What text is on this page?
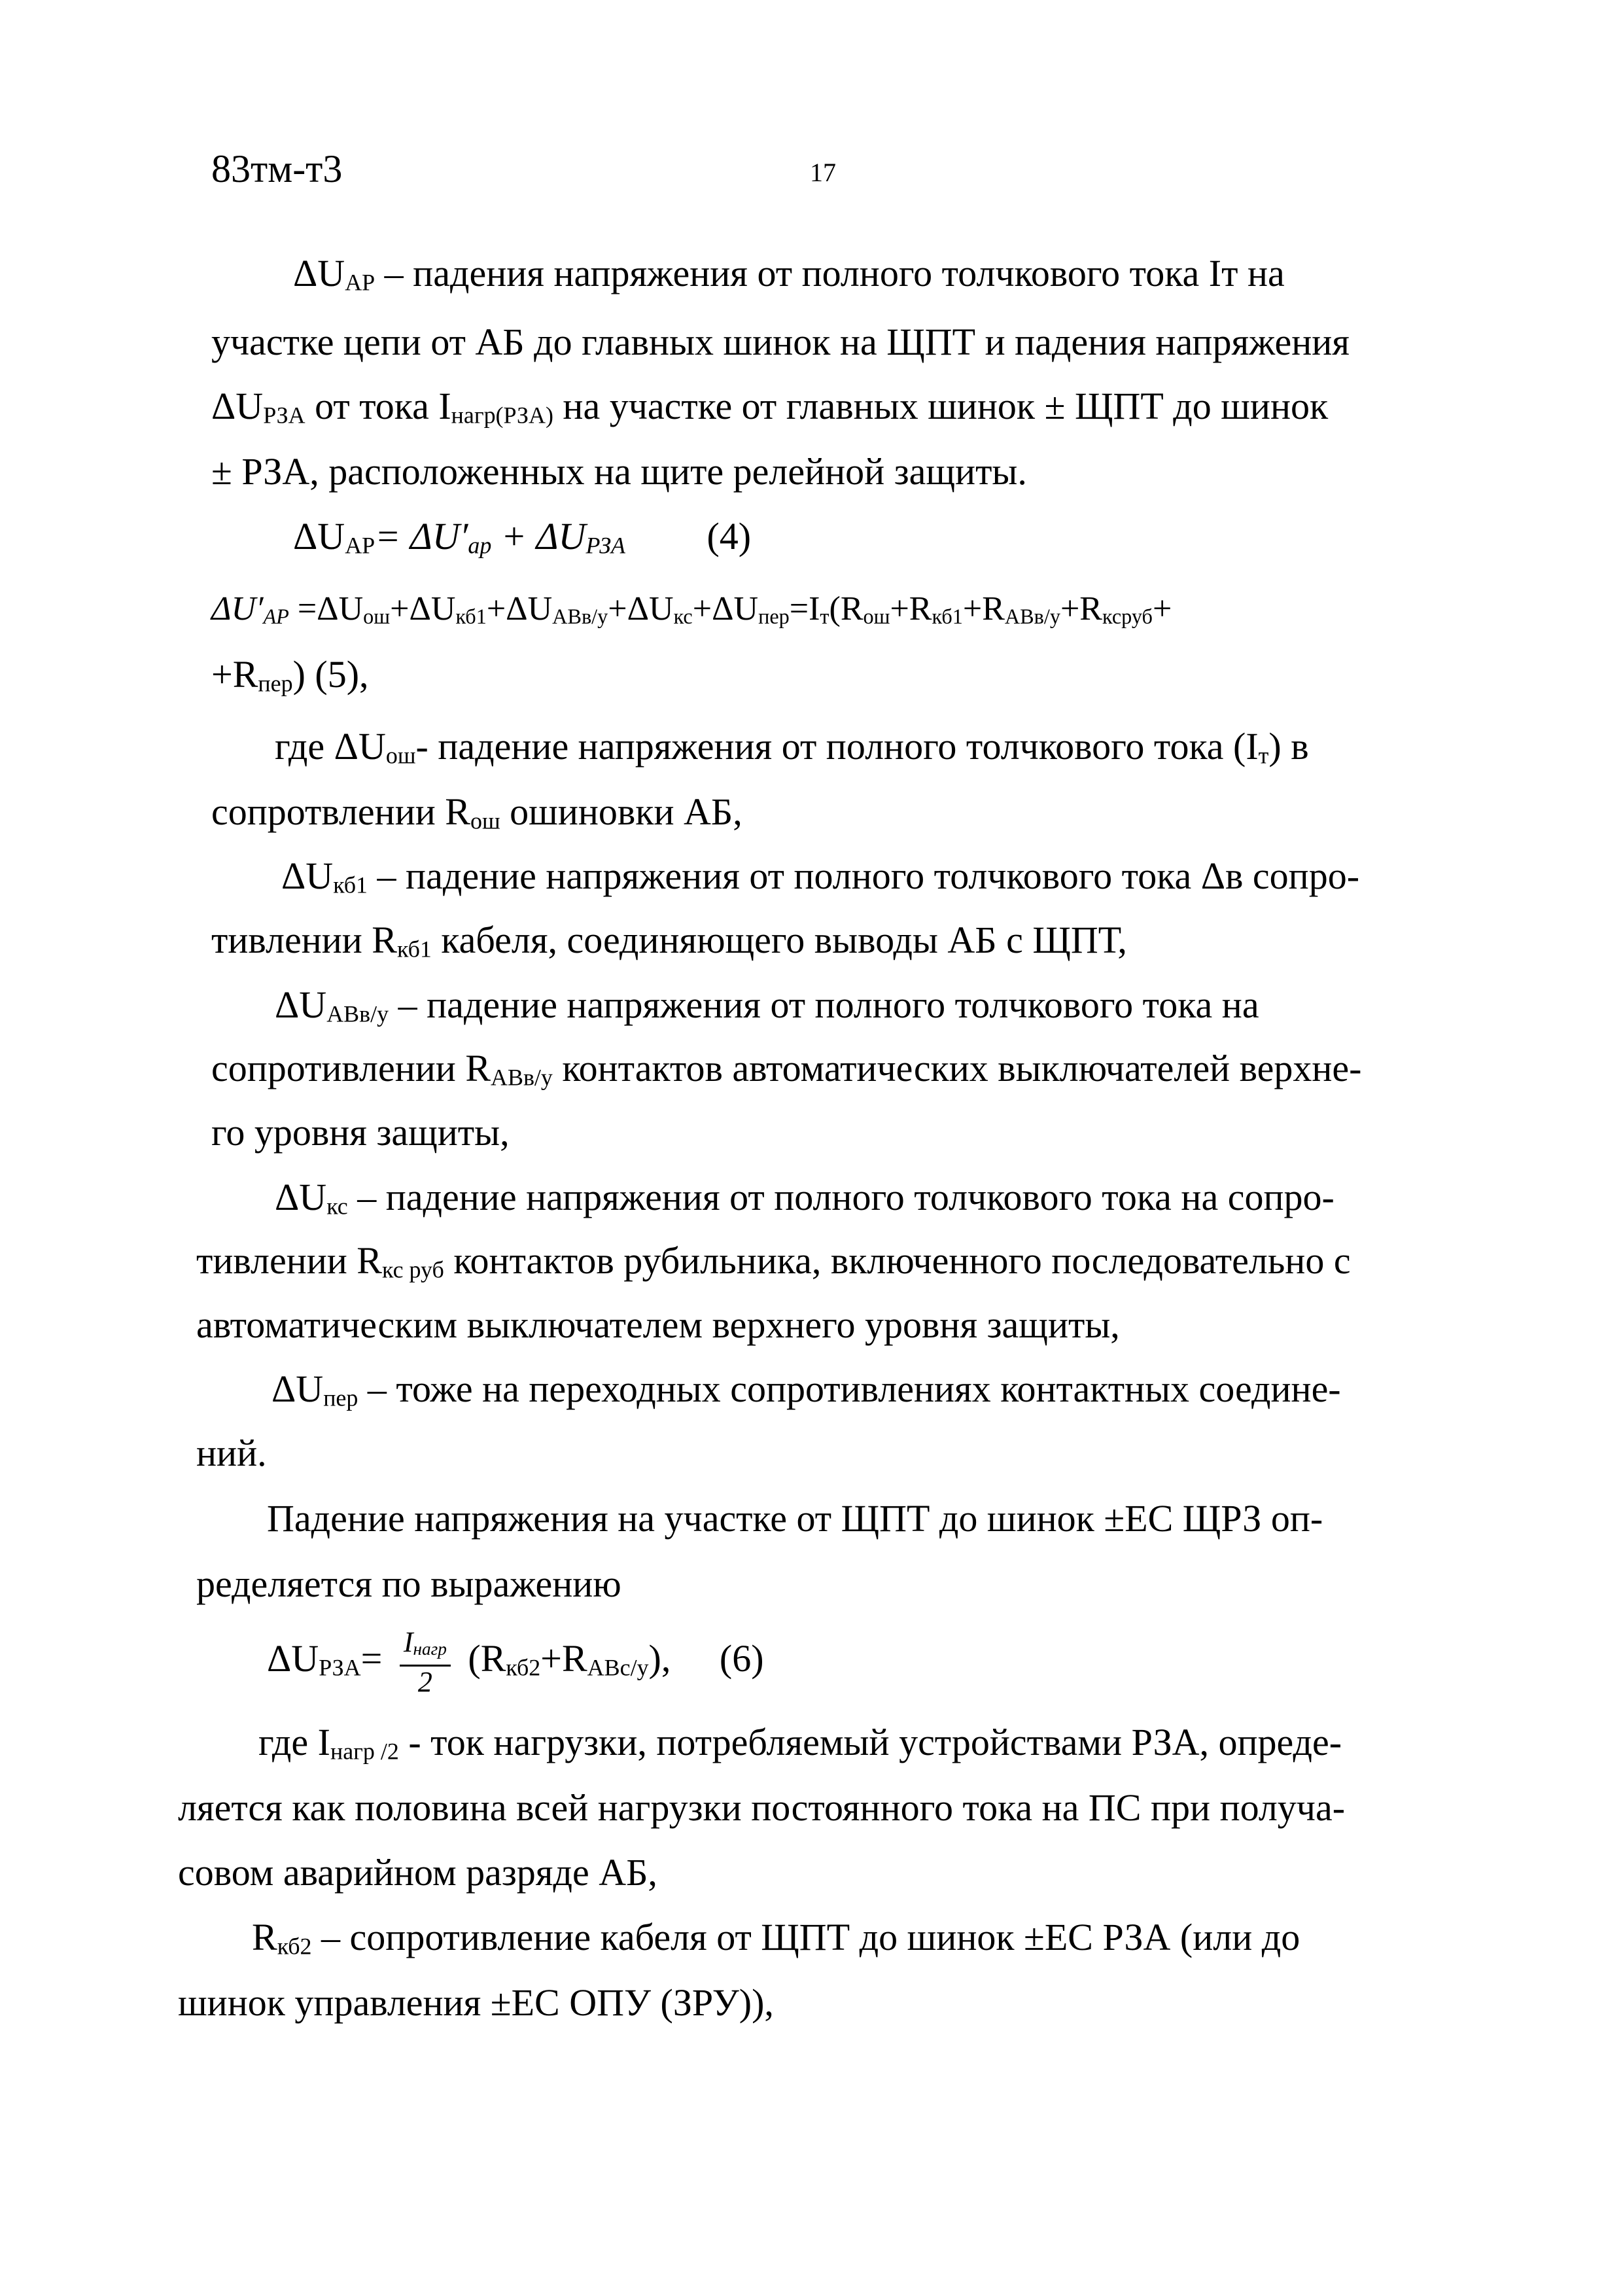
83тм-т3	17
ΔUAP – падения напряжения от полного толчкового тока Iт на
участке цепи от АБ до главных шинок на ЩПТ и падения напряжения
ΔUРЗА от тока Iнагр(РЗА) на участке от главных шинок ± ЩПТ до шинок
± РЗА, расположенных на щите релейной защиты.
ΔUAP= ΔU′ар + ΔUРЗА (4)
ΔU′AP =ΔUош+ΔUкб1+ΔUАВв/у+ΔUкс+ΔUпер=Iт(Rош+Rкб1+RАВв/у+Rксруб+
+Rпер) (5),
где ΔUош- падение напряжения от полного толчкового тока (Iт) в
сопротвлении Rош ошиновки АБ,
ΔUкб1 – падение напряжения от полного толчкового тока Δв сопро-
тивлении Rкб1 кабеля, соединяющего выводы АБ с ЩПТ,
ΔUАВв/у – падение напряжения от полного толчкового тока на
сопротивлении RАВв/у контактов автоматических выключателей верхне-
го уровня защиты,
ΔUкс – падение напряжения от полного толчкового тока на сопро-
тивлении Rкс руб контактов рубильника, включенного последовательно с
автоматическим выключателем верхнего уровня защиты,
ΔUпер – тоже на переходных сопротивлениях контактных соедине-
ний.
Падение напряжения на участке от ЩПТ до шинок ±ЕС ЩРЗ оп-
ределяется по выражению
ΔUРЗА= $\frac{\text{Iнагр}}{2}$ (Rкб2+RАВс/у), (6)
где Iнагр /2 - ток нагрузки, потребляемый устройствами РЗА, опреде-
ляется как половина всей нагрузки постоянного тока на ПС при получа-
совом аварийном разряде АБ,
Rкб2 – сопротивление кабеля от ЩПТ до шинок ±ЕС РЗА (или до
шинок управления ±ЕС ОПУ (ЗРУ)),
